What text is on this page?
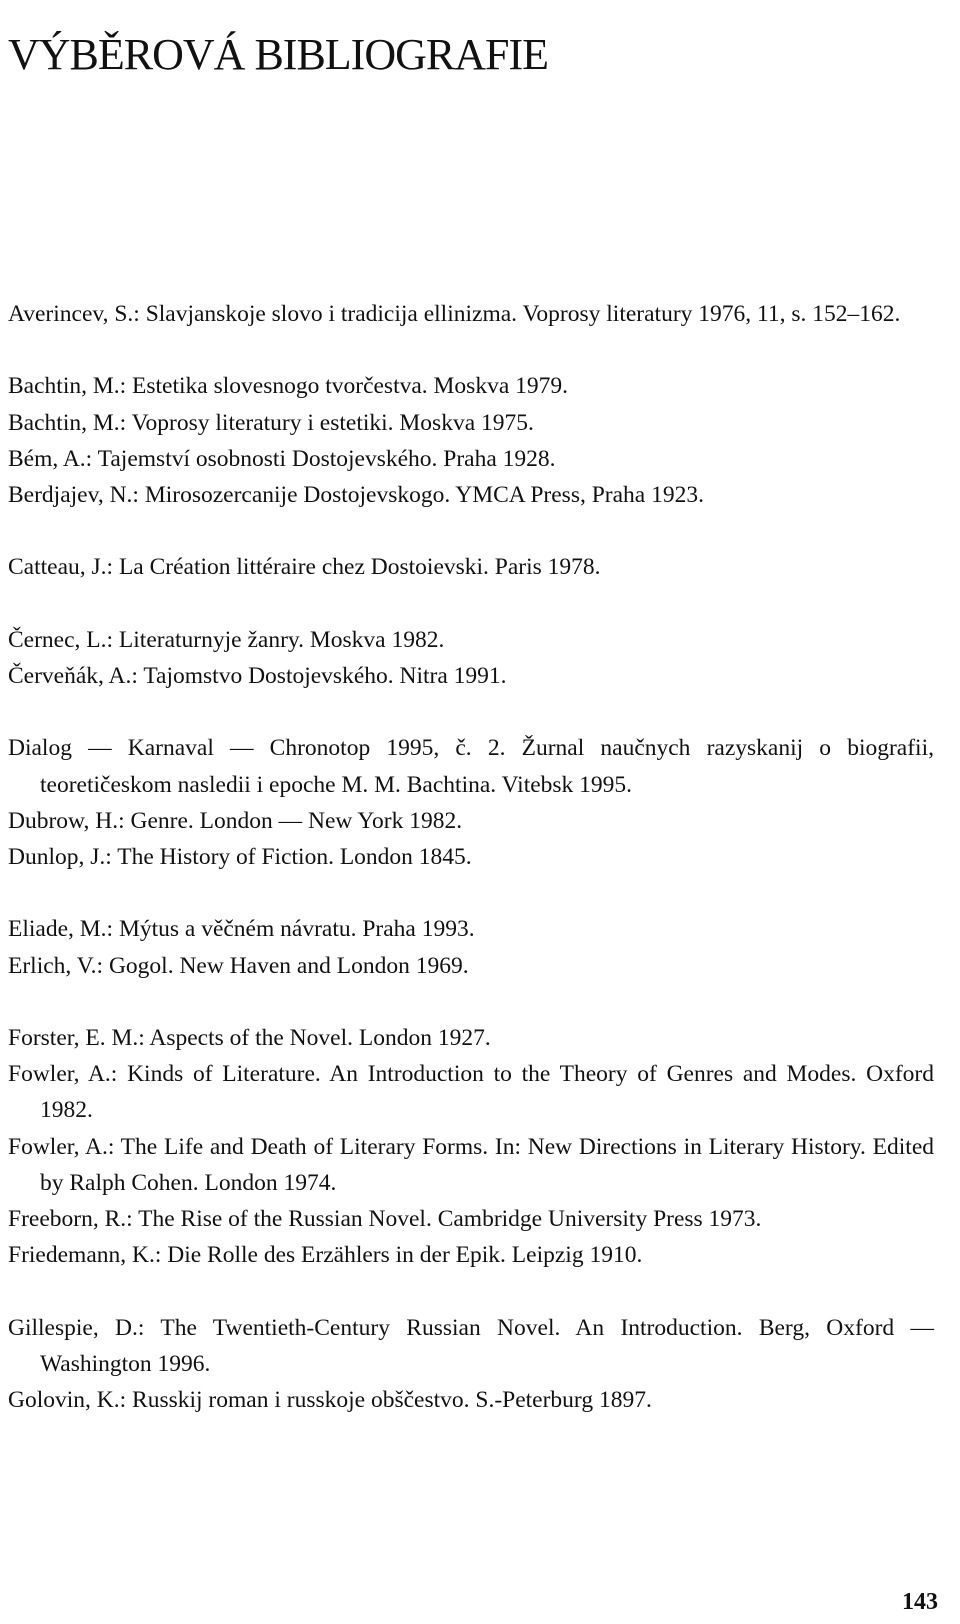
VÝBĚROVÁ BIBLIOGRAFIE

Averincev, S.: Slavjanskoje slovo i tradicija ellinizma. Voprosy literatury 1976, 11, s. 152–162.

Bachtin, M.: Estetika slovesnogo tvorčestva. Moskva 1979.

Bachtin, M.: Voprosy literatury i estetiki. Moskva 1975.

Bém, A.: Tajemství osobnosti Dostojevského. Praha 1928.

Berdjajev, N.: Mirosozercanije Dostojevskogo. YMCA Press, Praha 1923.

Catteau, J.: La Création littéraire chez Dostoievski. Paris 1978.

Černec, L.: Literaturnyje žanry. Moskva 1982.

Červeňák, A.: Tajomstvo Dostojevského. Nitra 1991.

Dialog — Karnaval — Chronotop 1995, č. 2. Žurnal naučnych razyskanij o biografii, teoretičeskom nasledii i epoche M. M. Bachtina. Vitebsk 1995.

Dubrow, H.: Genre. London — New York 1982.

Dunlop, J.: The History of Fiction. London 1845.

Eliade, M.: Mýtus a věčném návratu. Praha 1993.

Erlich, V.: Gogol. New Haven and London 1969.

Forster, E. M.: Aspects of the Novel. London 1927.

Fowler, A.: Kinds of Literature. An Introduction to the Theory of Genres and Modes. Oxford 1982.

Fowler, A.: The Life and Death of Literary Forms. In: New Directions in Literary History. Edited by Ralph Cohen. London 1974.

Freeborn, R.: The Rise of the Russian Novel. Cambridge University Press 1973.

Friedemann, K.: Die Rolle des Erzählers in der Epik. Leipzig 1910.

Gillespie, D.: The Twentieth-Century Russian Novel. An Introduction. Berg, Oxford — Washington 1996.

Golovin, K.: Russkij roman i russkoje obščestvo. S.-Peterburg 1897.

143
